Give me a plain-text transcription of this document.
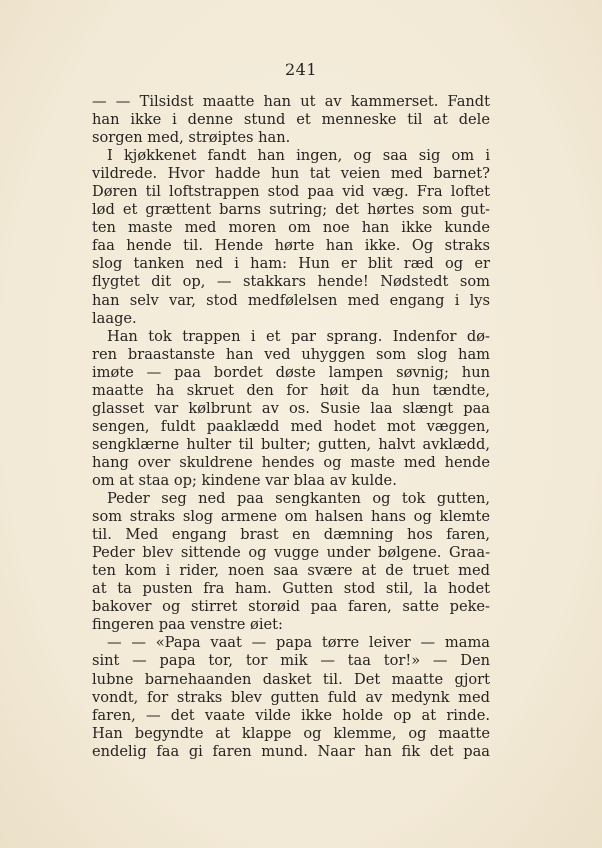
241
— — Tilsidst maatte han ut av kammerset. Fandt
han ikke i denne stund et menneske til at dele
sorgen med, strøiptes han.
I kjøkkenet fandt han ingen, og saa sig om i
vildrede. Hvor hadde hun tat veien med barnet?
Døren til loftstrappen stod paa vid væg. Fra loftet
lød et grættent barns sutring; det hørtes som gut-
ten maste med moren om noe han ikke kunde
faa hende til. Hende hørte han ikke. Og straks
slog tanken ned i ham: Hun er blit ræd og er
flygtet dit op, — stakkars hende! Nødstedt som
han selv var, stod medfølelsen med engang i lys
laage.
Han tok trappen i et par sprang. Indenfor dø-
ren braastanste han ved uhyggen som slog ham
imøte — paa bordet døste lampen søvnig; hun
maatte ha skruet den for høit da hun tændte,
glasset var kølbrunt av os. Susie laa slængt paa
sengen, fuldt paaklædd med hodet mot væggen,
sengklærne hulter til bulter; gutten, halvt avklædd,
hang over skuldrene hendes og maste med hende
om at staa op; kindene var blaa av kulde.
Peder seg ned paa sengkanten og tok gutten,
som straks slog armene om halsen hans og klemte
til. Med engang brast en dæmning hos faren,
Peder blev sittende og vugge under bølgene. Graa-
ten kom i rider, noen saa svære at de truet med
at ta pusten fra ham. Gutten stod stil, la hodet
bakover og stirret storøid paa faren, satte peke-
fingeren paa venstre øiet:
— — «Papa vaat — papa tørre leiver — mama
sint — papa tor, tor mik — taa tor!» — Den
lubne barnehaanden dasket til. Det maatte gjort
vondt, for straks blev gutten fuld av medynk med
faren, — det vaate vilde ikke holde op at rinde.
Han begyndte at klappe og klemme, og maatte
endelig faa gi faren mund. Naar han fik det paa
